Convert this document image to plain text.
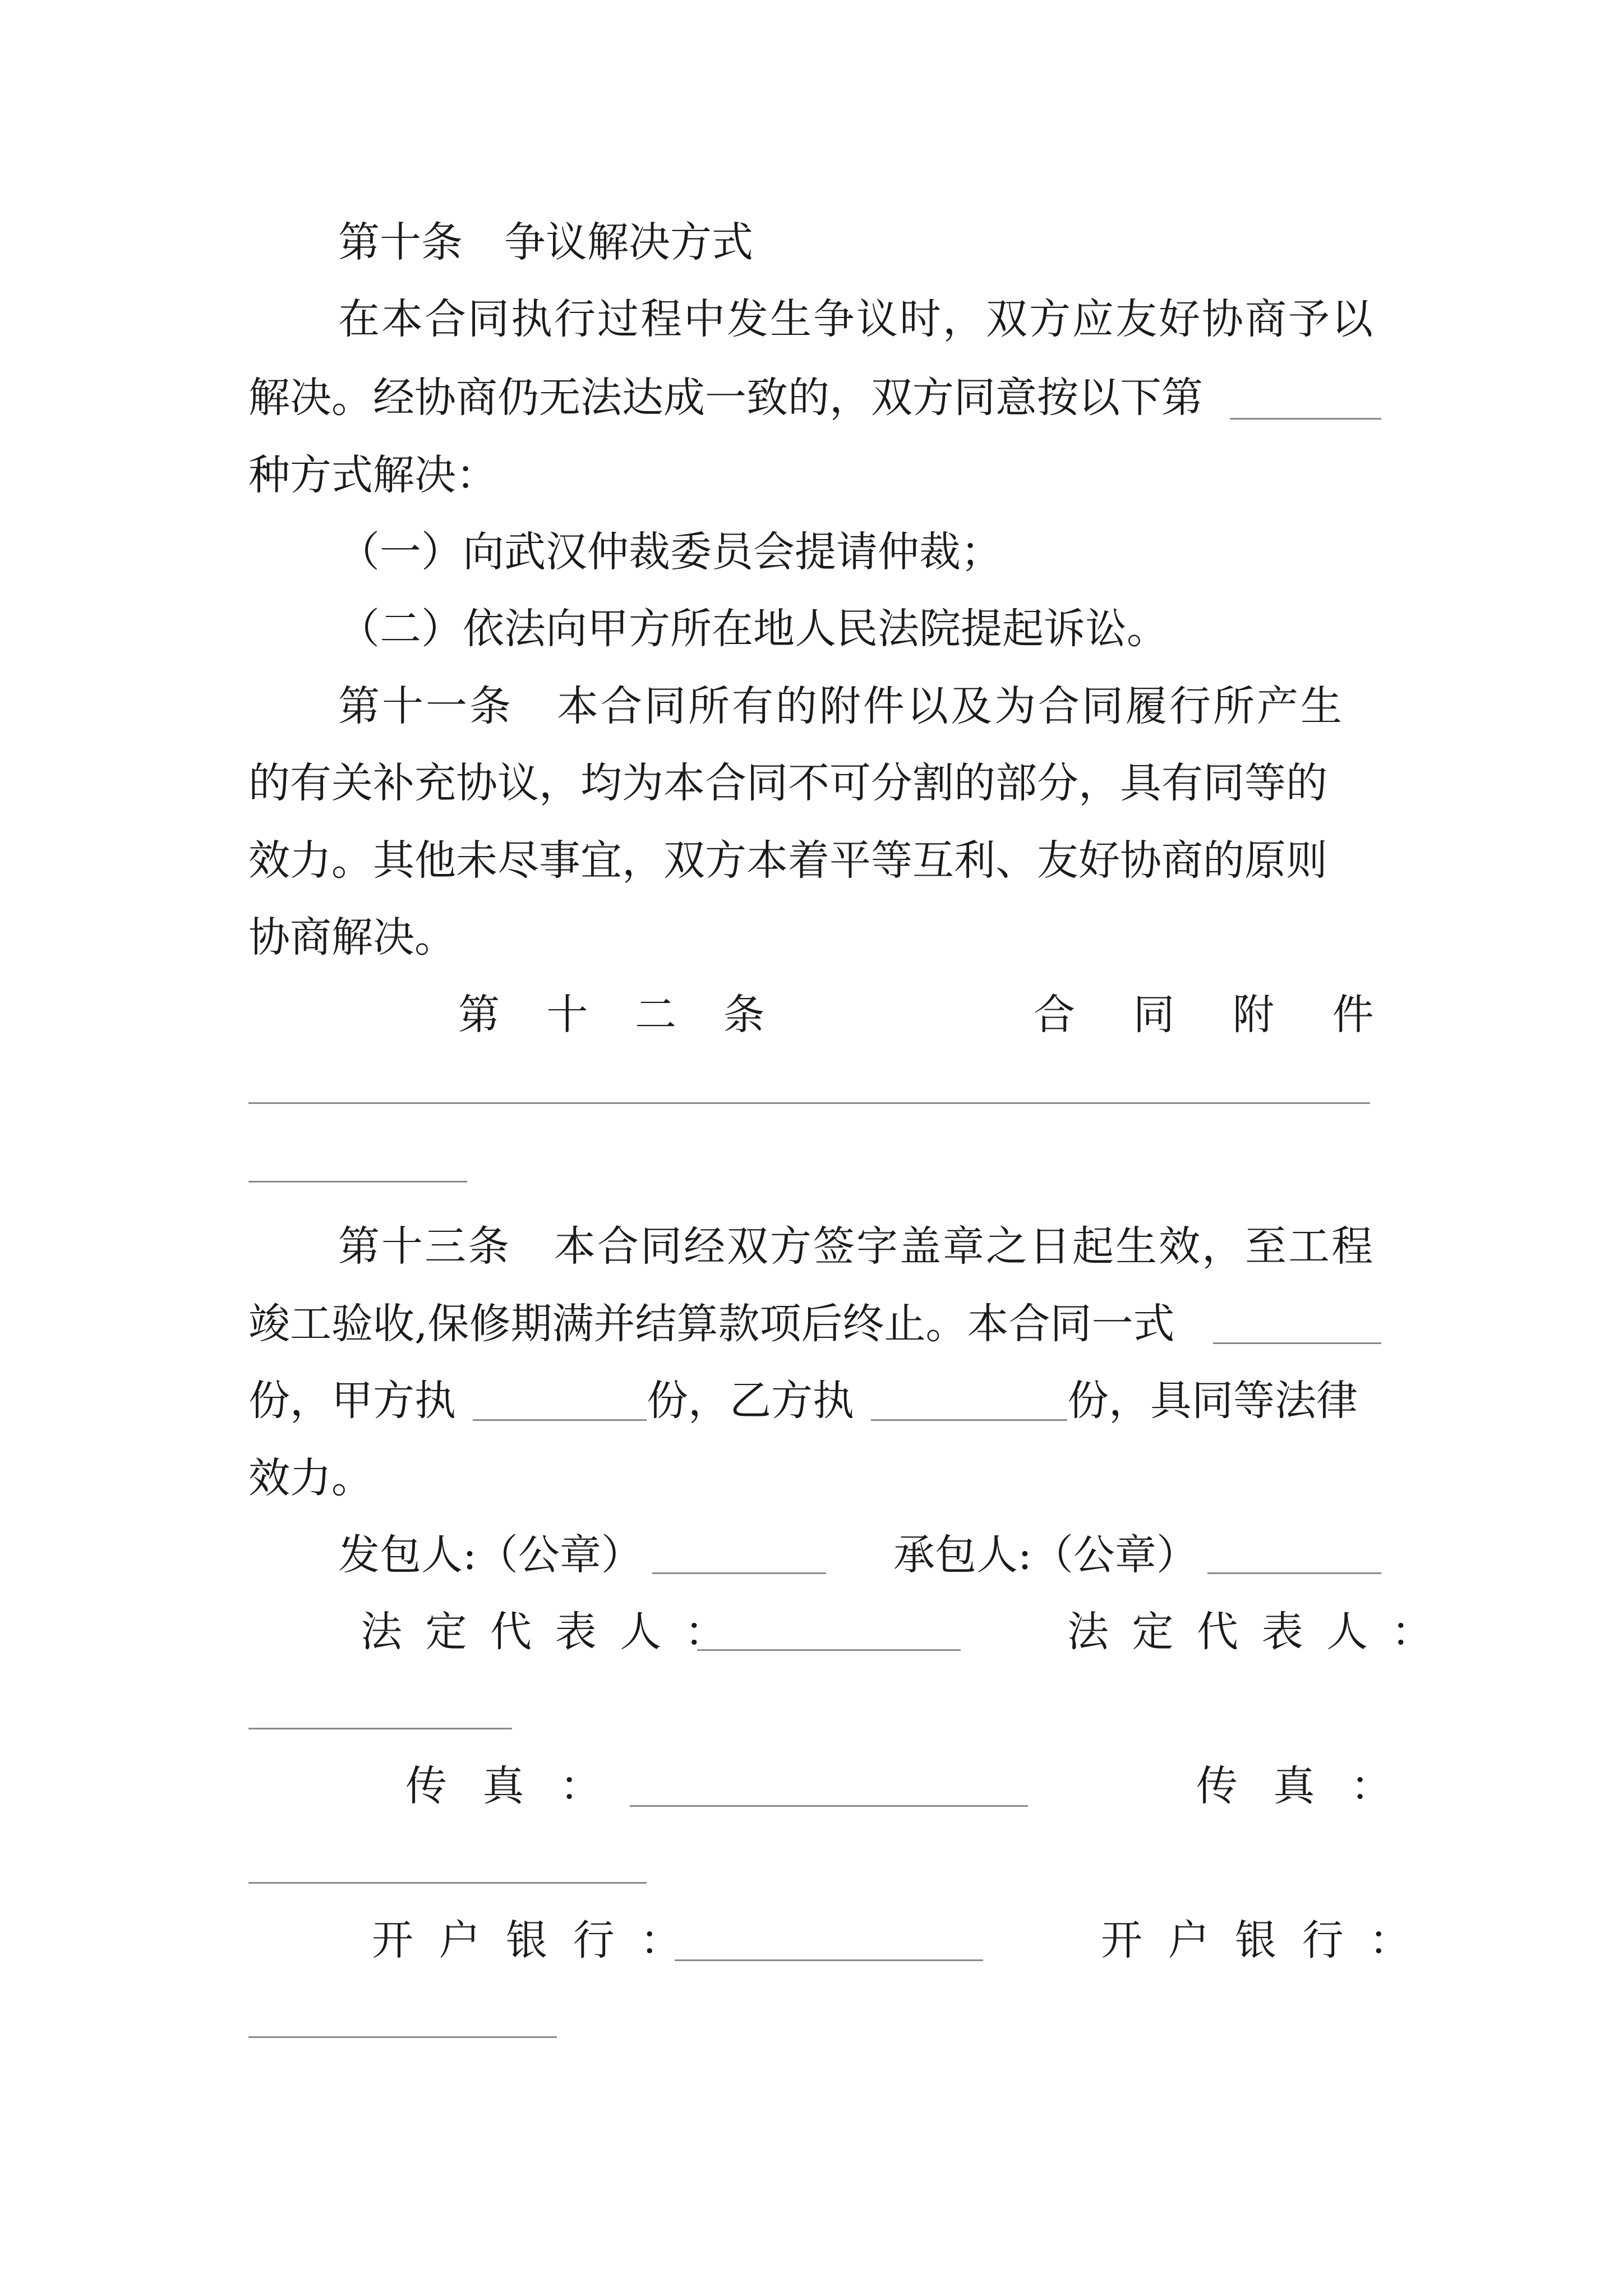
第十条　争议解决方式
在本合同执行过程中发生争议时，双方应友好协商予以
解决。经协商仍无法达成一致的，双方同意按以下第
种方式解决：
（一）向武汉仲裁委员会提请仲裁；
（二）依法向甲方所在地人民法院提起诉讼。
第十一条　本合同所有的附件以及为合同履行所产生
的有关补充协议，均为本合同不可分割的部分，具有同等的
效力。其他未尽事宜，双方本着平等互利、友好协商的原则
协商解决。
第 十 二 条	合 同 附 件
第十三条　本合同经双方签字盖章之日起生效，至工程
竣工验收,保修期满并结算款项后终止。本合同一式
份，甲方执	份，乙方执	份，具同等法律
效力。
发包人:（公章）	承包人:（公章）
法 定 代 表 人 ：	法 定 代 表 人 ：
传 真 ：	传 真 ：
开 户 银 行 ：	开 户 银 行 ：
